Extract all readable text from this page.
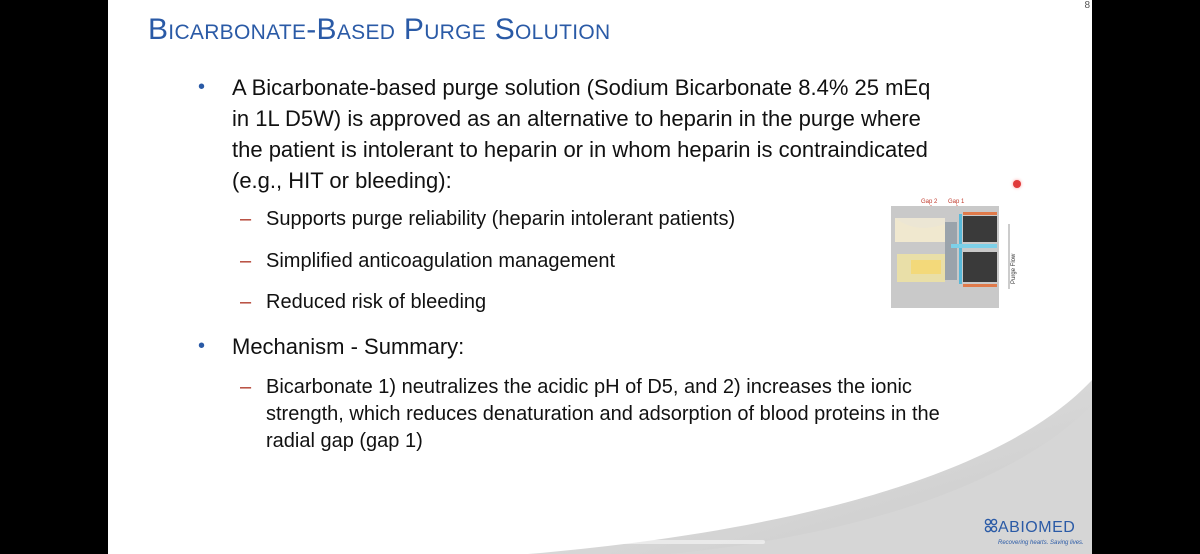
Bicarbonate-Based Purge Solution
8
• A Bicarbonate-based purge solution (Sodium Bicarbonate 8.4% 25 mEq
in 1L D5W) is approved as an alternative to heparin in the purge where
the patient is intolerant to heparin or in whom heparin is contraindicated
(e.g., HIT or bleeding):
– Supports purge reliability (heparin intolerant patients)
– Simplified anticoagulation management
– Reduced risk of bleeding
• Mechanism - Summary:
– Bicarbonate 1) neutralizes the acidic pH of D5, and 2) increases the ionic
strength, which reduces denaturation and adsorption of blood proteins in the
radial gap (gap 1)
Gap 2 Gap 1
Purge Flow
ABIOMED
Recovering hearts. Saving lives.
